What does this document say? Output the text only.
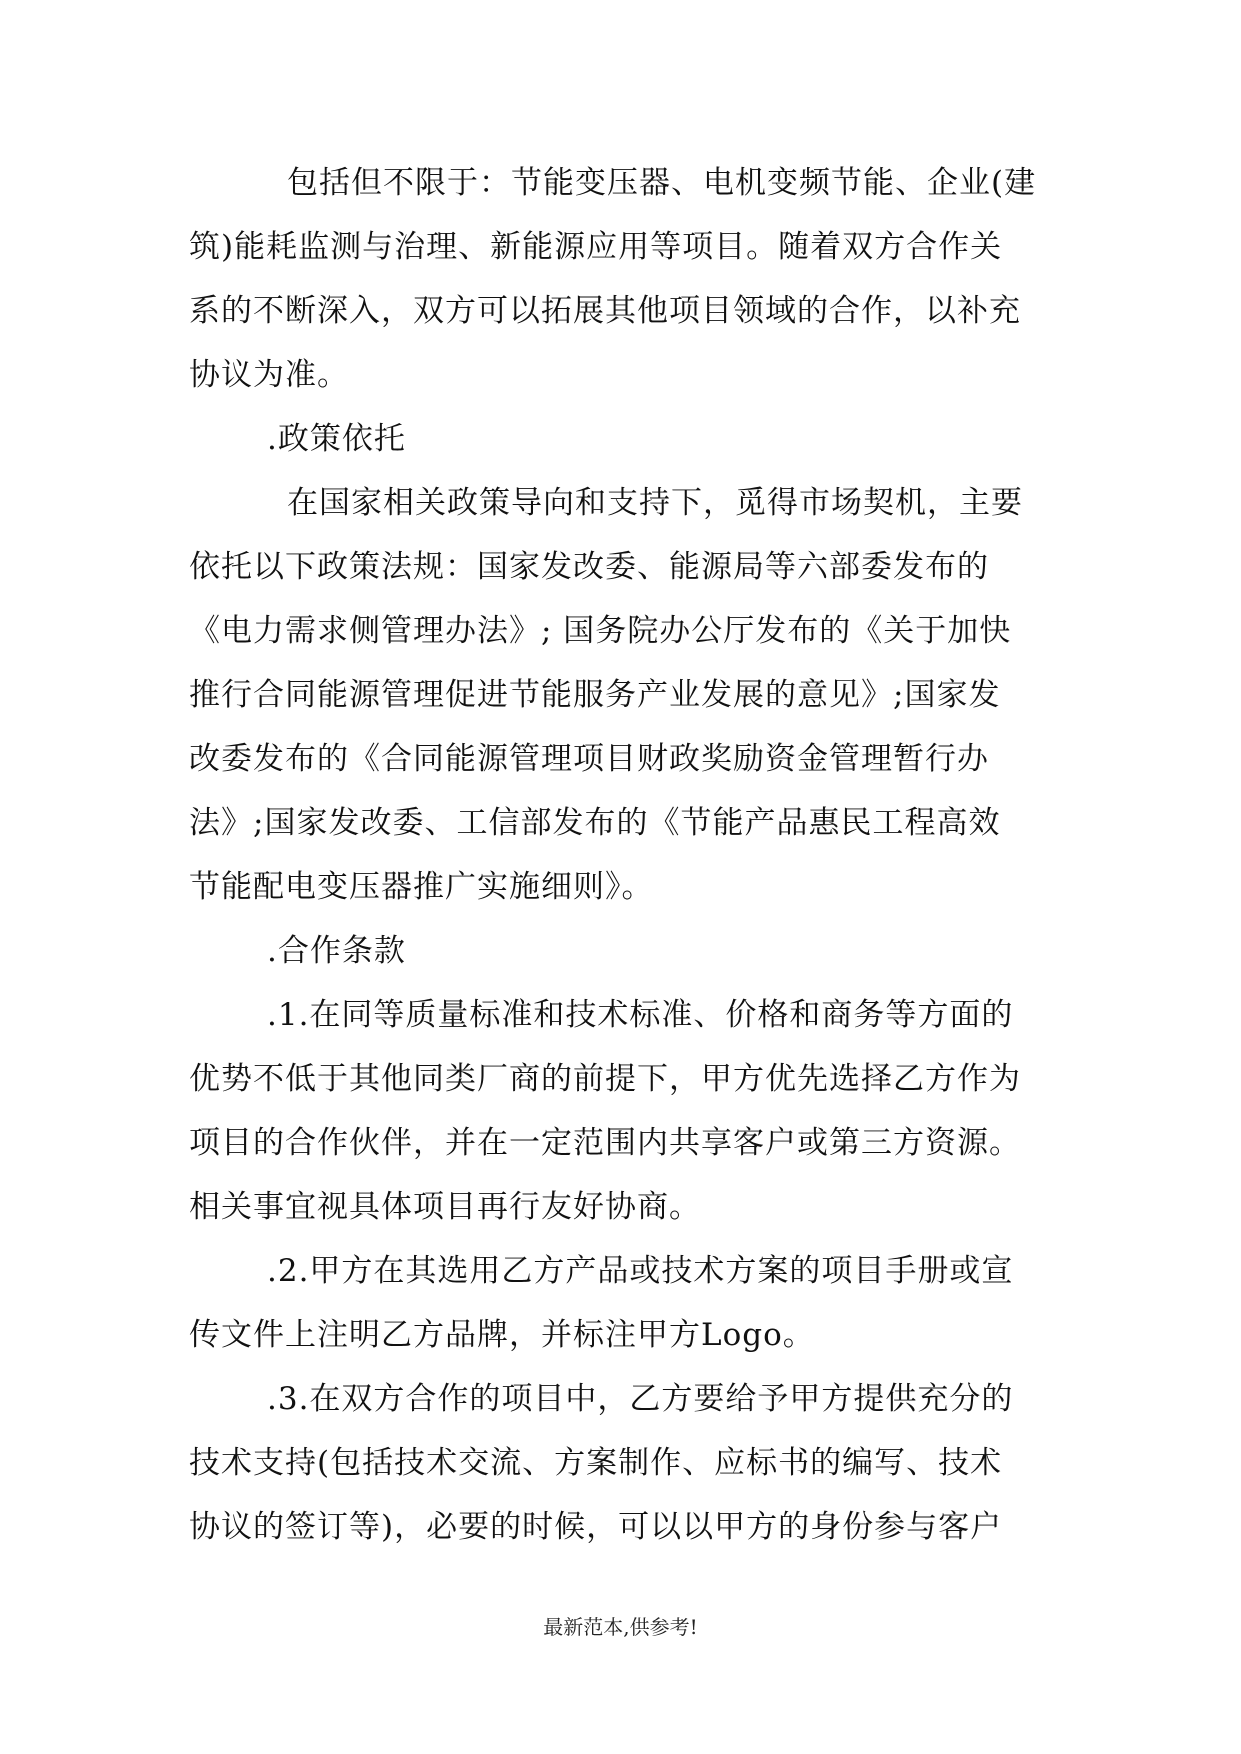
包括但不限于：节能变压器、电机变频节能、企业(建
筑)能耗监测与治理、新能源应用等项目。随着双方合作关
系的不断深入，双方可以拓展其他项目领域的合作，以补充
协议为准。
.政策依托
在国家相关政策导向和支持下，觅得市场契机，主要
依托以下政策法规：国家发改委、能源局等六部委发布的
《电力需求侧管理办法》; 国务院办公厅发布的《关于加快
推行合同能源管理促进节能服务产业发展的意见》;国家发
改委发布的《合同能源管理项目财政奖励资金管理暂行办
法》;国家发改委、工信部发布的《节能产品惠民工程高效
节能配电变压器推广实施细则》。
.合作条款
.1.在同等质量标准和技术标准、价格和商务等方面的
优势不低于其他同类厂商的前提下，甲方优先选择乙方作为
项目的合作伙伴，并在一定范围内共享客户或第三方资源。
相关事宜视具体项目再行友好协商。
.2.甲方在其选用乙方产品或技术方案的项目手册或宣
传文件上注明乙方品牌，并标注甲方Logo。
.3.在双方合作的项目中，乙方要给予甲方提供充分的
技术支持(包括技术交流、方案制作、应标书的编写、技术
协议的签订等)，必要的时候，可以以甲方的身份参与客户
最新范本,供参考!
